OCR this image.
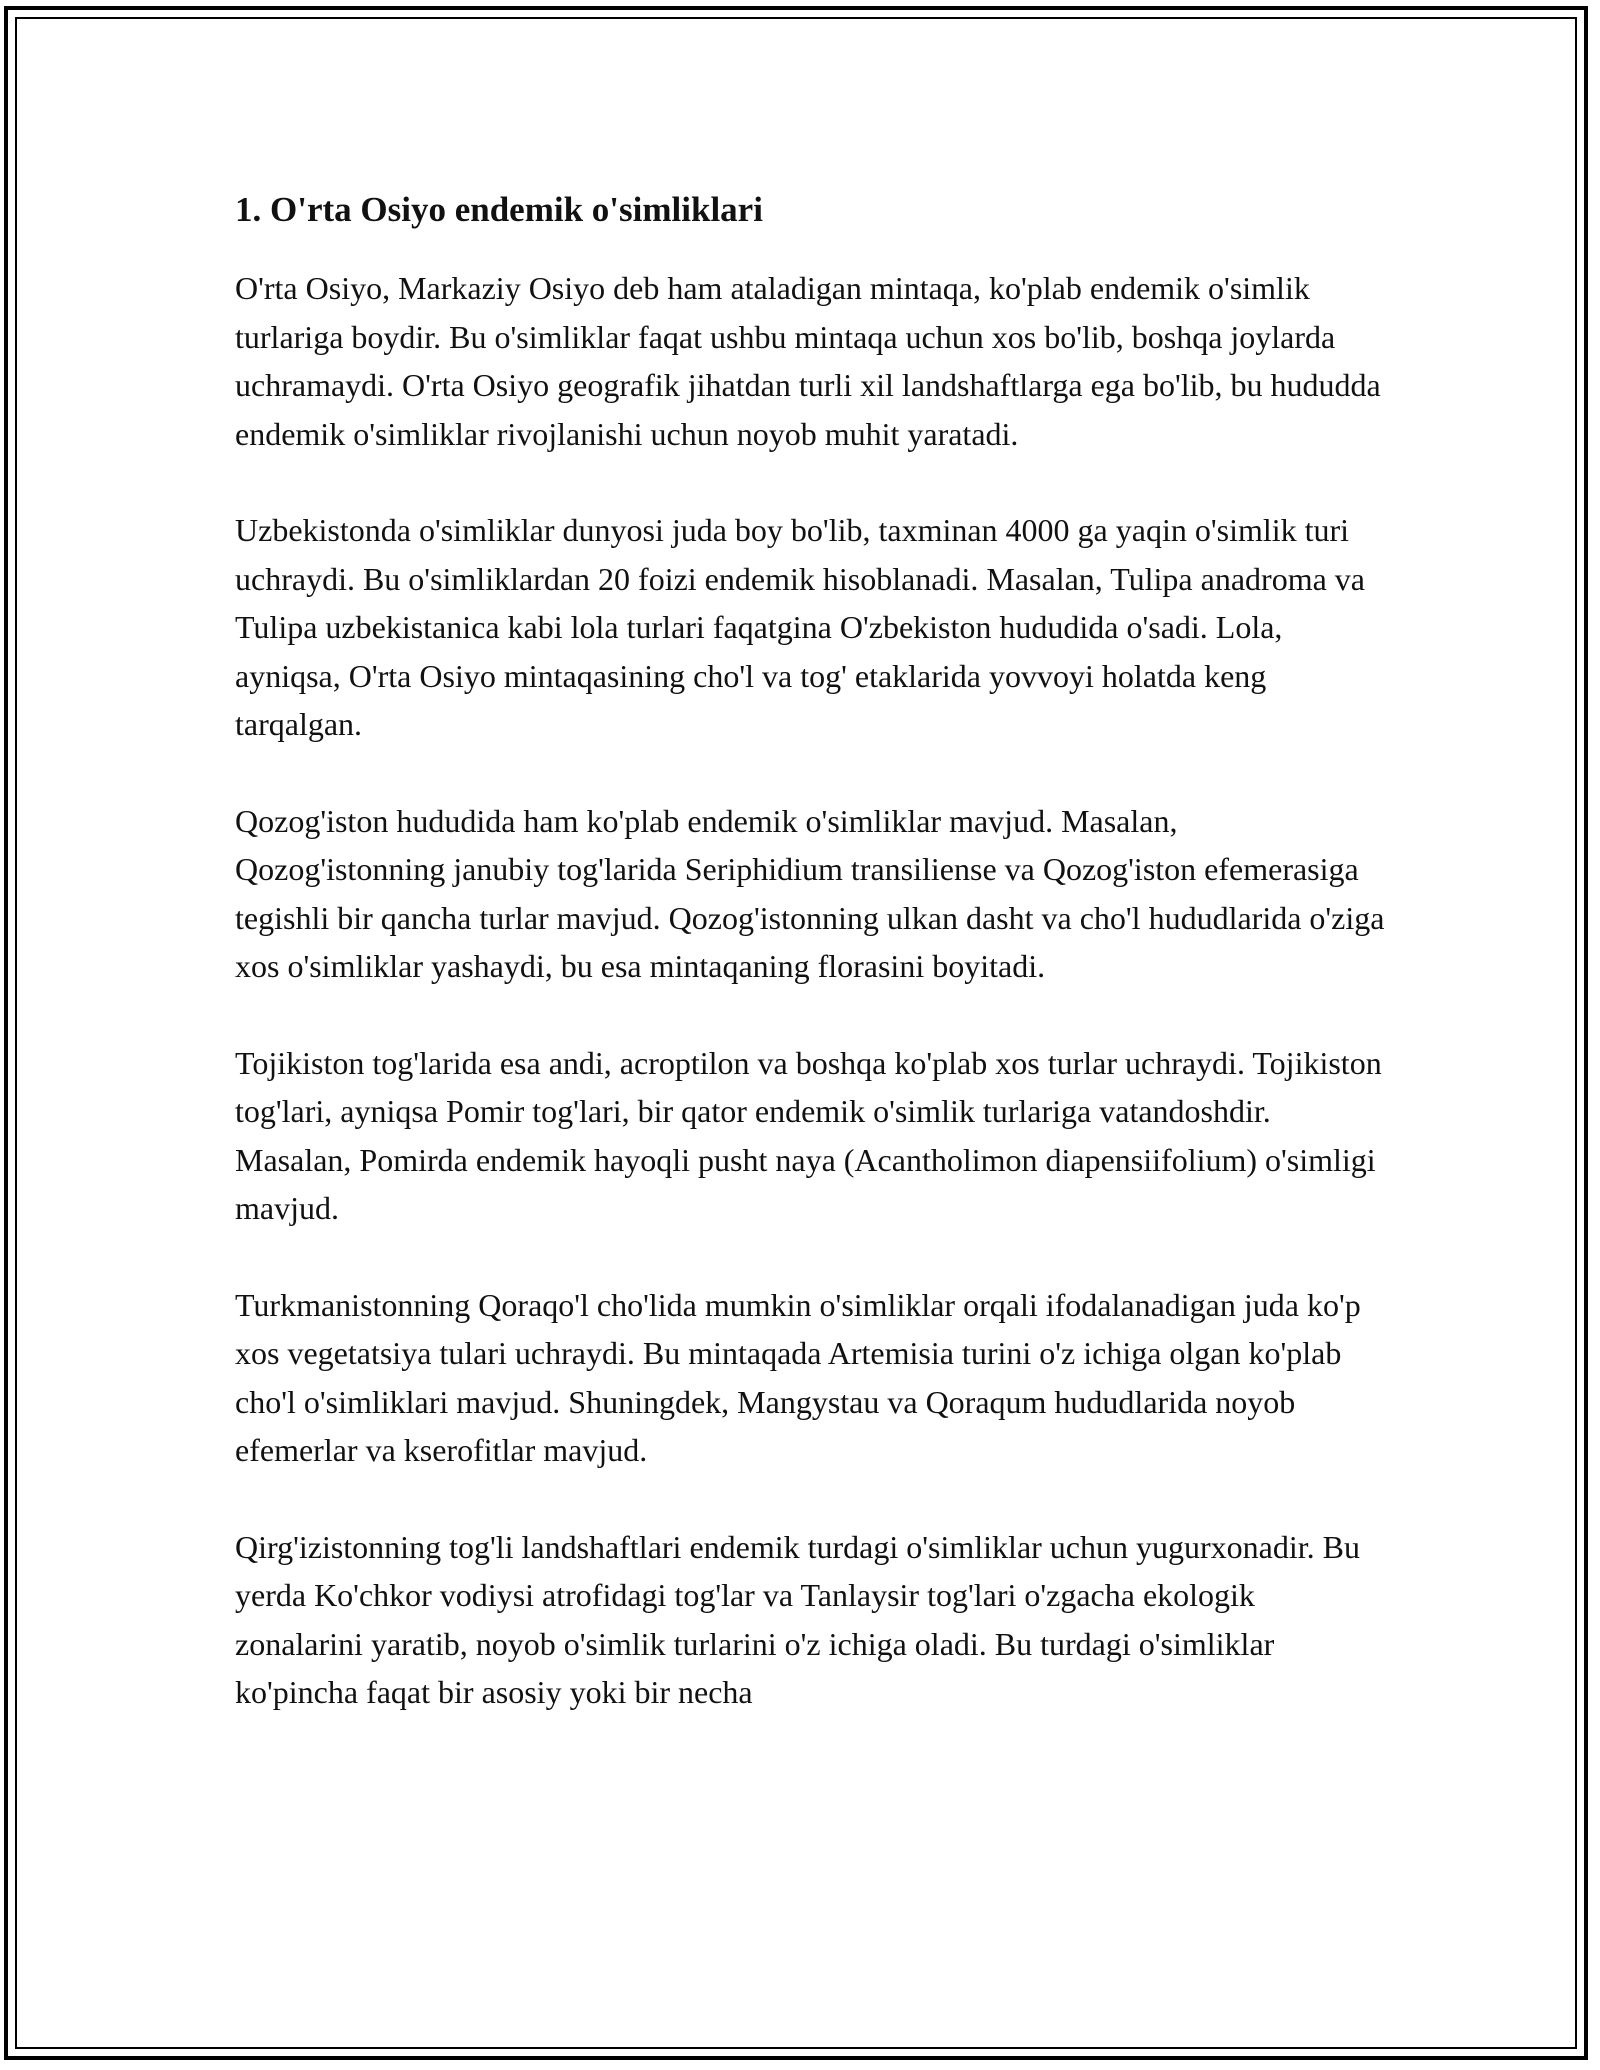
1. O'rta Osiyo endemik o'simliklari

O'rta Osiyo, Markaziy Osiyo deb ham ataladigan mintaqa, ko'plab endemik o'simlik turlariga boydir. Bu o'simliklar faqat ushbu mintaqa uchun xos bo'lib, boshqa joylarda uchramaydi. O'rta Osiyo geografik jihatdan turli xil landshaftlarga ega bo'lib, bu hududda endemik o'simliklar rivojlanishi uchun noyob muhit yaratadi.

Uzbekistonda o'simliklar dunyosi juda boy bo'lib, taxminan 4000 ga yaqin o'simlik turi uchraydi. Bu o'simliklardan 20 foizi endemik hisoblanadi. Masalan, Tulipa anadroma va Tulipa uzbekistanica kabi lola turlari faqatgina O'zbekiston hududida o'sadi. Lola, ayniqsa, O'rta Osiyo mintaqasining cho'l va tog' etaklarida yovvoyi holatda keng tarqalgan.

Qozog'iston hududida ham ko'plab endemik o'simliklar mavjud. Masalan, Qozog'istonning janubiy tog'larida Seriphidium transiliense va Qozog'iston efemerasiga tegishli bir qancha turlar mavjud. Qozog'istonning ulkan dasht va cho'l hududlarida o'ziga xos o'simliklar yashaydi, bu esa mintaqaning florasini boyitadi.

Tojikiston tog'larida esa andi, acroptilon va boshqa ko'plab xos turlar uchraydi. Tojikiston tog'lari, ayniqsa Pomir tog'lari, bir qator endemik o'simlik turlariga vatandoshdir. Masalan, Pomirda endemik hayoqli pusht naya (Acantholimon diapensiifolium) o'simligi mavjud.

Turkmanistonning Qoraqo'l cho'lida mumkin o'simliklar orqali ifodalanadigan juda ko'p xos vegetatsiya tulari uchraydi. Bu mintaqada Artemisia turini o'z ichiga olgan ko'plab cho'l o'simliklari mavjud. Shuningdek, Mangystau va Qoraqum hududlarida noyob efemerlar va kserofitlar mavjud.

Qirg'izistonning tog'li landshaftlari endemik turdagi o'simliklar uchun yugurxonadir. Bu yerda Ko'chkor vodiysi atrofidagi tog'lar va Tanlaysir tog'lari o'zgacha ekologik zonalarini yaratib, noyob o'simlik turlarini o'z ichiga oladi. Bu turdagi o'simliklar ko'pincha faqat bir asosiy yoki bir necha
